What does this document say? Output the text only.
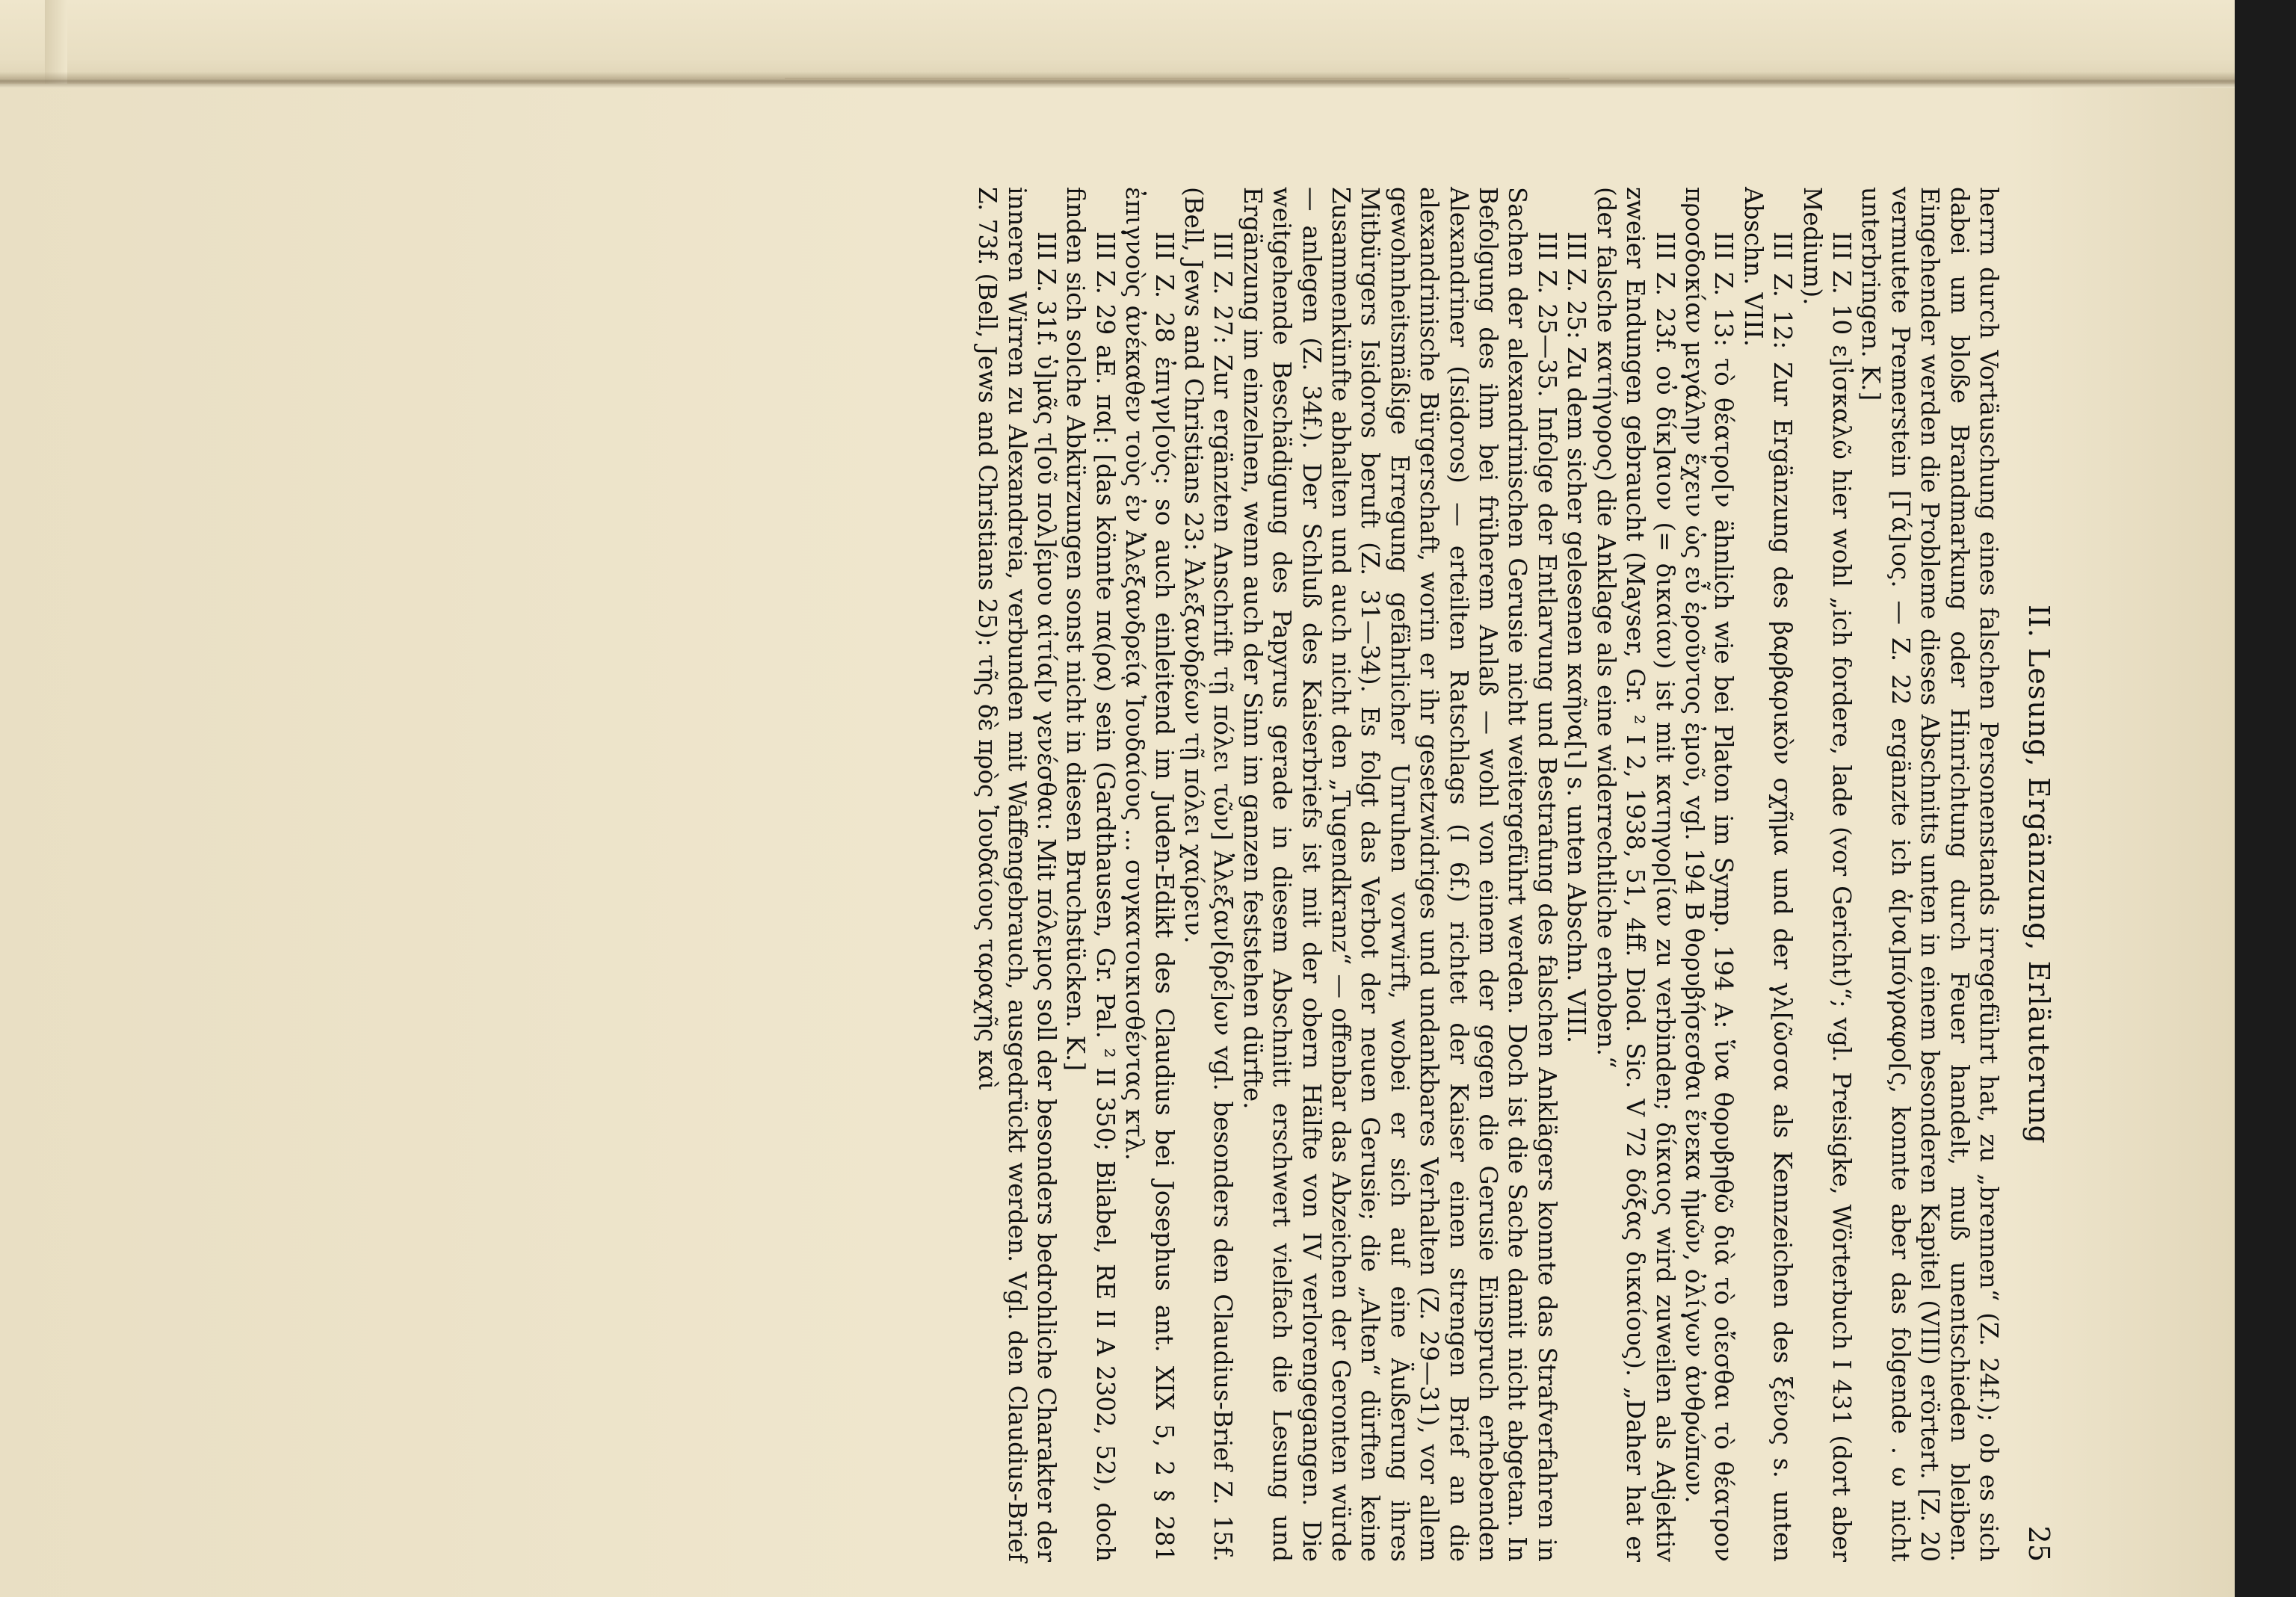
II. Lesung, Ergänzung, Erläuterung
25

herrn durch Vortäuschung eines falschen Personenstands irregeführt hat, zu „brennen“ (Z. 24f.); ob es sich dabei um bloße Brandmarkung oder Hinrichtung durch Feuer handelt, muß unentschieden bleiben. Eingehender werden die Probleme dieses Abschnitts unten in einem besonderen Kapitel (VIII) erörtert. [Z. 20 vermutete Premerstein [Γά]ιος. — Z. 22 ergänzte ich ἀ[να]πόγραφο[ς, konnte aber das folgende . ω nicht unterbringen. K.]

III Z. 10 ε]ἰσκαλῶ hier wohl „ich fordere, lade (vor Gericht)“; vgl. Preisigke, Wörterbuch I 431 (dort aber Medium).

III Z. 12: Zur Ergänzung des βαρβαρικὸν σχῆμα und der γλ[ῶσσα als Kennzeichen des ξένος s. unten Abschn. VIII.

III Z. 13: τὸ θέατρο[ν ähnlich wie bei Platon im Symp. 194 A: ἵνα θορυβηθῶ διὰ τὸ οἴεσθαι τὸ θέατρον προσδοκίαν μεγάλην ἔχειν ὡς εὖ ἐροῦντος ἐμοῦ, vgl. 194 B θορυβήσεσθαι ἕνεκα ἡμῶν, ὀλίγων ἀνθρώπων.

III Z. 23f. οὐ δίκ]αιον (= δικαίαν) ist mit κατηγορ[ίαν zu verbinden; δίκαιος wird zuweilen als Adjektiv zweier Endungen gebraucht (Mayser, Gr. ² I 2, 1938, 51, 4ff. Diod. Sic. V 72 δόξας δικαίους). „Daher hat er (der falsche κατήγορος) die Anklage als eine widerrechtliche erhoben.“

III Z. 25: Zu dem sicher gelesenen καῆνα[ι] s. unten Abschn. VIII.

III Z. 25—35. Infolge der Entlarvung und Bestrafung des falschen Anklägers konnte das Strafverfahren in Sachen der alexandrinischen Gerusie nicht weitergeführt werden. Doch ist die Sache damit nicht abgetan. In Befolgung des ihm bei früherem Anlaß — wohl von einem der gegen die Gerusie Einspruch erhebenden Alexandriner (Isidoros) — erteilten Ratschlags (I 6f.) richtet der Kaiser einen strengen Brief an die alexandrinische Bürgerschaft, worin er ihr gesetzwidriges und undankbares Verhalten (Z. 29—31), vor allem gewohnheitsmäßige Erregung gefährlicher Unruhen vorwirft, wobei er sich auf eine Äußerung ihres Mitbürgers Isidoros beruft (Z. 31—34). Es folgt das Verbot der neuen Gerusie; die „Alten“ dürften keine Zusammenkünfte abhalten und auch nicht den „Tugendkranz“ — offenbar das Abzeichen der Geronten würde — anlegen (Z. 34f.). Der Schluß des Kaiserbriefs ist mit der obern Hälfte von IV verlorengegangen. Die weitgehende Beschädigung des Papyrus gerade in diesem Abschnitt erschwert vielfach die Lesung und Ergänzung im einzelnen, wenn auch der Sinn im ganzen feststehen dürfte.

III Z. 27: Zur ergänzten Anschrift τῇ πόλει τῶν] Ἀλεξαν[δρέ]ων vgl. besonders den Claudius-Brief Z. 15f. (Bell, Jews and Christians 23: Ἀλεξανδρέων τῇ πόλει χαίρειν.

III Z. 28 ἐπιγν[ούς: so auch einleitend im Juden-Edikt des Claudius bei Josephus ant. XIX 5, 2 § 281 ἐπιγνοὺς ἀνέκαθεν τοὺς ἐν Ἀλεξανδρείᾳ Ἰουδαίους ... συγκατοικισθέντας κτλ.

III Z. 29 aE. πα[: [das könnte πα(ρα) sein (Gardthausen, Gr. Pal. ² II 350; Bilabel, RE II A 2302, 52), doch finden sich solche Abkürzungen sonst nicht in diesen Bruchstücken. K.]

III Z. 31f. ὑ]μᾶς τ[οῦ πολ]έμου αἰτία[ν γενέσθαι: Mit πόλεμος soll der besonders bedrohliche Charakter der inneren Wirren zu Alexandreia, verbunden mit Waffengebrauch, ausgedrückt werden. Vgl. den Claudius-Brief Z. 73f. (Bell, Jews and Christians 25): τῆς δὲ πρὸς Ἰουδαίους ταραχῆς καὶ
